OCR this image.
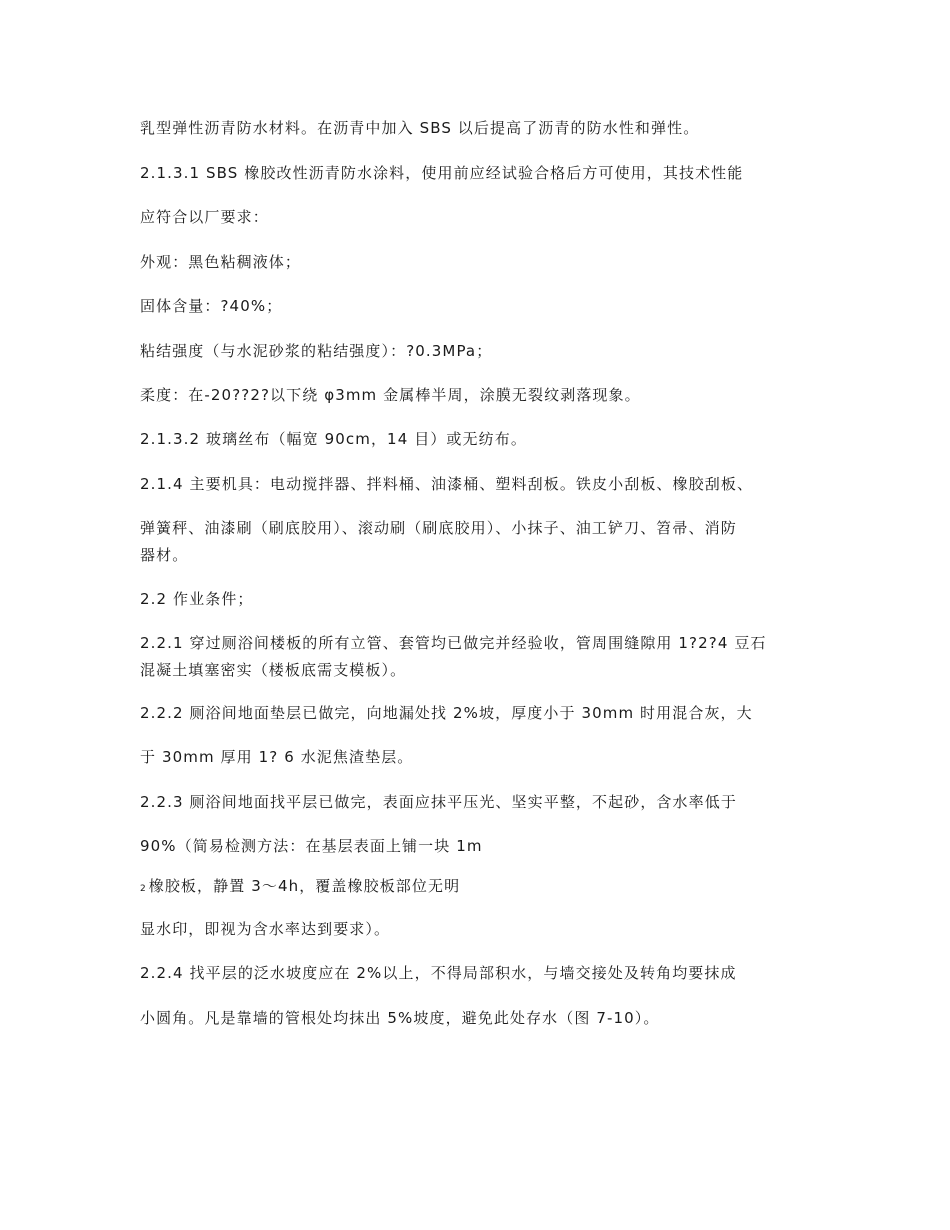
乳型弹性沥青防水材料。在沥青中加入 SBS 以后提高了沥青的防水性和弹性。
2.1.3.1 SBS 橡胶改性沥青防水涂料，使用前应经试验合格后方可使用，其技术性能
应符合以厂要求：
外观：黑色粘稠液体；
固体含量：?40%；
粘结强度（与水泥砂浆的粘结强度）：?0.3MPa；
柔度：在-20??2?以下绕 φ3mm 金属棒半周，涂膜无裂纹剥落现象。
2.1.3.2 玻璃丝布（幅宽 90cm，14 目）或无纺布。
2.1.4 主要机具：电动搅拌器、拌料桶、油漆桶、塑料刮板。铁皮小刮板、橡胶刮板、
弹簧秤、油漆刷（刷底胶用）、滚动刷（刷底胶用）、小抹子、油工铲刀、笤帚、消防
器材。
2.2 作业条件；
2.2.1 穿过厕浴间楼板的所有立管、套管均已做完并经验收，管周围缝隙用 1?2?4 豆石
混凝土填塞密实（楼板底需支模板）。
2.2.2 厕浴间地面垫层已做完，向地漏处找 2%坡，厚度小于 30mm 时用混合灰，大
于 30mm 厚用 1? 6 水泥焦渣垫层。
2.2.3 厕浴间地面找平层已做完，表面应抹平压光、坚实平整，不起砂，含水率低于
90%（简易检测方法：在基层表面上铺一块 1m
2 橡胶板，静置 3～4h，覆盖橡胶板部位无明
显水印，即视为含水率达到要求）。
2.2.4 找平层的泛水坡度应在 2%以上，不得局部积水，与墙交接处及转角均要抹成
小圆角。凡是靠墙的管根处均抹出 5%坡度，避免此处存水（图 7-10）。
